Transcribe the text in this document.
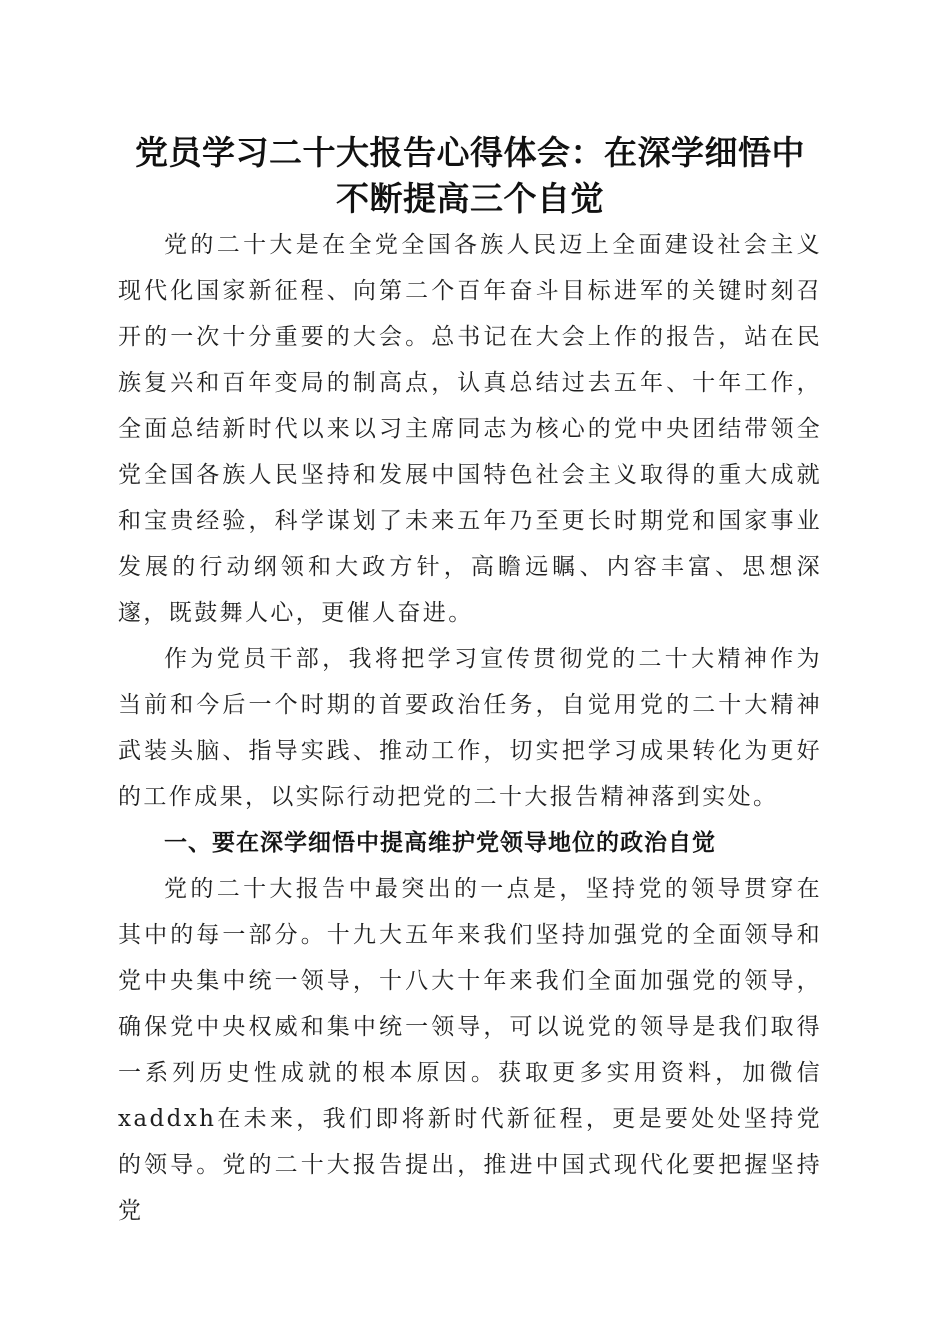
党员学习二十大报告心得体会：在深学细悟中
不断提高三个自觉

党的二十大是在全党全国各族人民迈上全面建设社会主义现代化国家新征程、向第二个百年奋斗目标进军的关键时刻召开的一次十分重要的大会。总书记在大会上作的报告，站在民族复兴和百年变局的制高点，认真总结过去五年、十年工作，全面总结新时代以来以习主席同志为核心的党中央团结带领全党全国各族人民坚持和发展中国特色社会主义取得的重大成就和宝贵经验，科学谋划了未来五年乃至更长时期党和国家事业发展的行动纲领和大政方针，高瞻远瞩、内容丰富、思想深邃，既鼓舞人心，更催人奋进。

作为党员干部，我将把学习宣传贯彻党的二十大精神作为当前和今后一个时期的首要政治任务，自觉用党的二十大精神武装头脑、指导实践、推动工作，切实把学习成果转化为更好的工作成果，以实际行动把党的二十大报告精神落到实处。

一、要在深学细悟中提高维护党领导地位的政治自觉

党的二十大报告中最突出的一点是，坚持党的领导贯穿在其中的每一部分。十九大五年来我们坚持加强党的全面领导和党中央集中统一领导，十八大十年来我们全面加强党的领导，确保党中央权威和集中统一领导，可以说党的领导是我们取得一系列历史性成就的根本原因。获取更多实用资料，加微信xaddxh在未来，我们即将新时代新征程，更是要处处坚持党的领导。党的二十大报告提出，推进中国式现代化要把握坚持党
